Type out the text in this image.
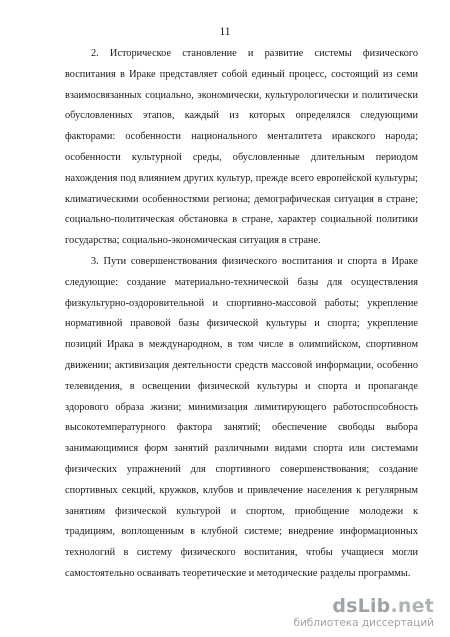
11

2. Историческое становление и развитие системы физического воспитания в Ираке представляет собой единый процесс, состоящий из семи взаимосвязанных социально, экономически, культурологически и политически обусловленных этапов, каждый из которых определялся следующими факторами: особенности национального менталитета иракского народа; особенности культурной среды, обусловленные длительным периодом нахождения под влиянием других культур, прежде всего европейской культуры; климатическими особенностями региона; демографическая ситуация в стране; социально-политическая обстановка в стране, характер социальной политики государства; социально-экономическая ситуация в стране.

3. Пути совершенствования физического воспитания и спорта в Ираке следующие: создание материально-технической базы для осуществления физкультурно-оздоровительной и спортивно-массовой работы; укрепление нормативной правовой базы физической культуры и спорта; укрепление позиций Ирака в международном, в том числе в олимпийском, спортивном движении; активизация деятельности средств массовой информации, особенно телевидения, в освещении физической культуры и спорта и пропаганде здорового образа жизни; минимизация лимитирующего работоспособность высокотемпературного фактора занятий; обеспечение свободы выбора занимающимися форм занятий различными видами спорта или системами физических упражнений для спортивного совершенствования; создание спортивных секций, кружков, клубов и привлечение населения к регулярным занятиям физической культурой и спортом, приобщение молодежи к традициям, воплощенным в клубной системе; внедрение информационных технологий в систему физического воспитания, чтобы учащиеся могли самостоятельно осваивать теоретические и методические разделы программы.

dsLib.net
библиотека диссертаций
